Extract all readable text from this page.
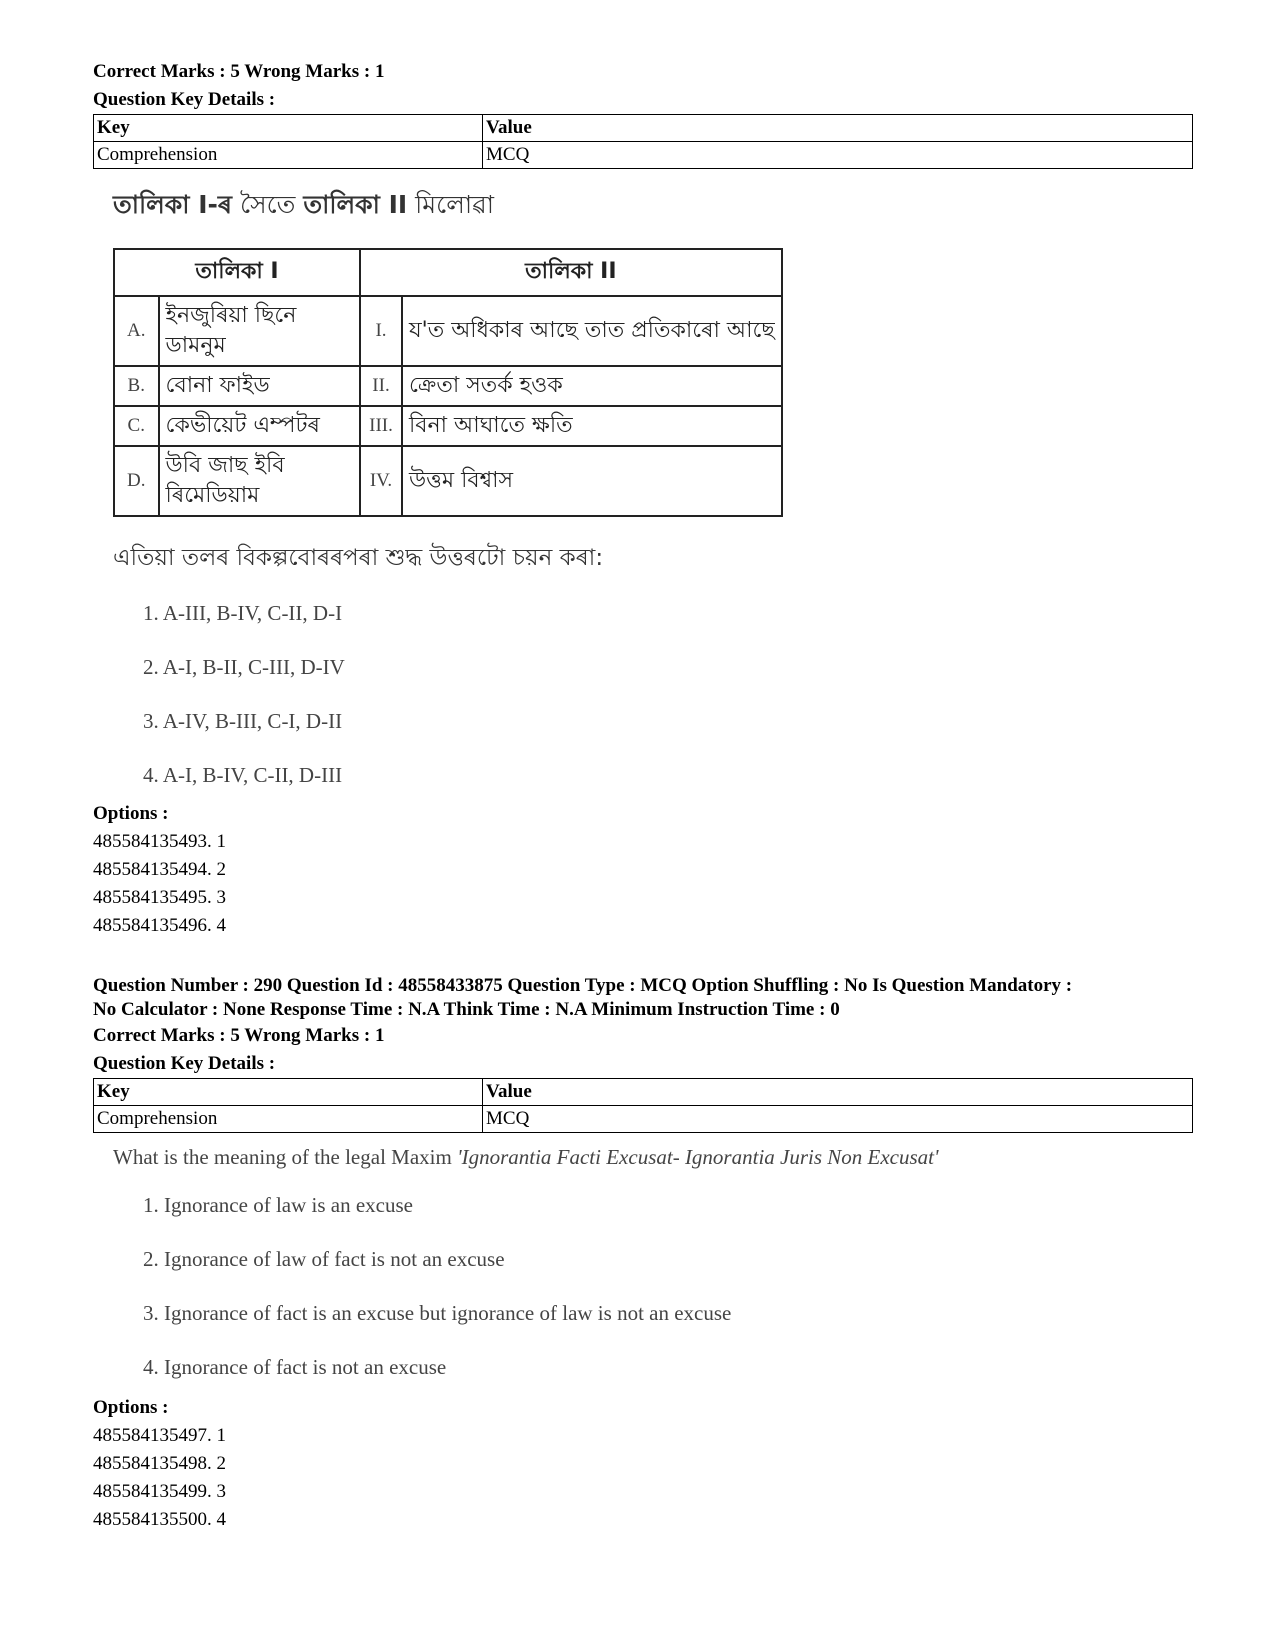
Correct Marks : 5 Wrong Marks : 1
Question Key Details :
Key	Value
Comprehension	MCQ
তালিকা I-ৰ সৈতে তালিকা II মিলোৱা
তালিকা I		তালিকা II	
A.	ইনজুৰিয়া ছিনে ডামনুম	I.	য'ত অধিকাৰ আছে তাত প্ৰতিকাৰো আছে
B.	বোনা ফাইড	II.	ক্ৰেতা সতৰ্ক হওক
C.	কেভীয়েট এম্পটৰ	III.	বিনা আঘাতে ক্ষতি
D.	উবি জাছ ইবি ৰিমেডিয়াম	IV.	উত্তম বিশ্বাস
এতিয়া তলৰ বিকল্পবোৰৰপৰা শুদ্ধ উত্তৰটো চয়ন কৰা:
1. A-III, B-IV, C-II, D-I
2. A-I, B-II, C-III, D-IV
3. A-IV, B-III, C-I, D-II
4. A-I, B-IV, C-II, D-III
Options :
485584135493. 1
485584135494. 2
485584135495. 3
485584135496. 4
Question Number : 290 Question Id : 48558433875 Question Type : MCQ Option Shuffling : No Is Question Mandatory :
No Calculator : None Response Time : N.A Think Time : N.A Minimum Instruction Time : 0
Correct Marks : 5 Wrong Marks : 1
Question Key Details :
Key	Value
Comprehension	MCQ
What is the meaning of the legal Maxim 'Ignorantia Facti Excusat- Ignorantia Juris Non Excusat'
1. Ignorance of law is an excuse
2. Ignorance of law of fact is not an excuse
3. Ignorance of fact is an excuse but ignorance of law is not an excuse
4. Ignorance of fact is not an excuse
Options :
485584135497. 1
485584135498. 2
485584135499. 3
485584135500. 4
